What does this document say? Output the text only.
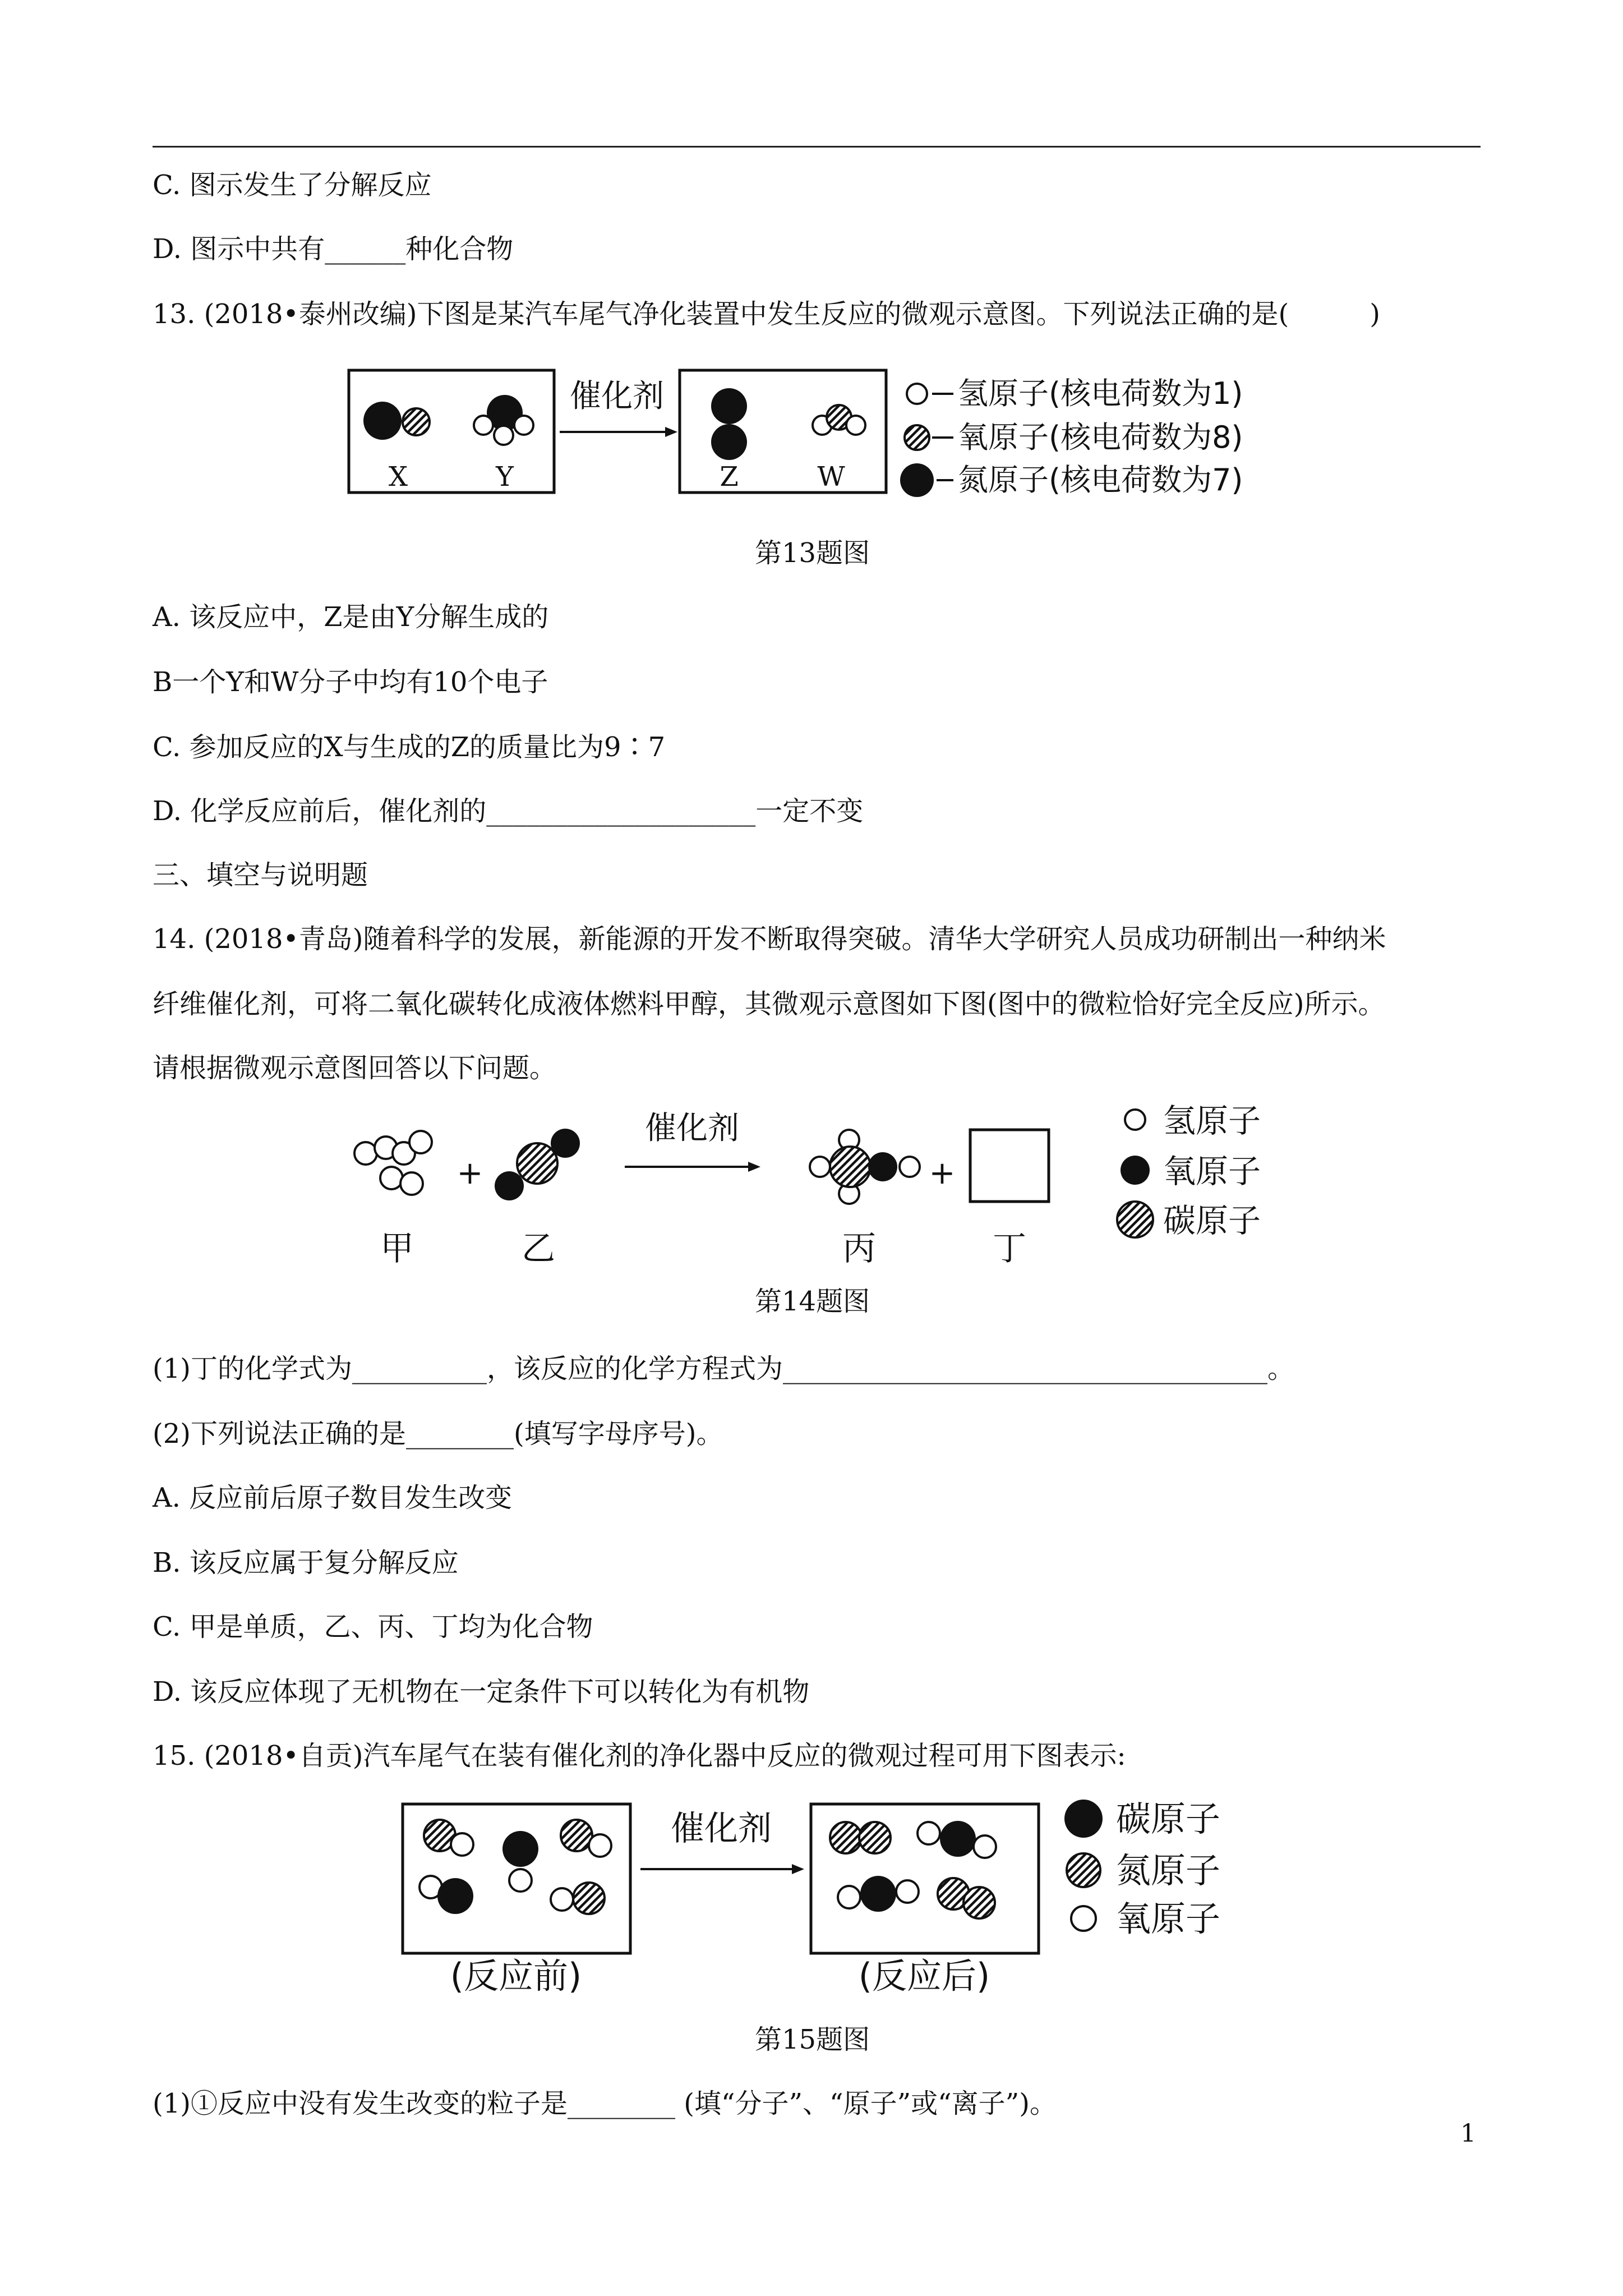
C. 图示发生了分解反应
D. 图示中共有______种化合物
13. (2018•泰州改编)下图是某汽车尾气净化装置中发生反应的微观示意图。下列说法正确的是(　　　)
X	Y
催化剂
Z	W
氢原子(核电荷数为1)
氧原子(核电荷数为8)
氮原子(核电荷数为7)
第13题图
A. 该反应中，Z是由Y分解生成的
B一个Y和W分子中均有10个电子
C. 参加反应的X与生成的Z的质量比为9∶7
D. 化学反应前后，催化剂的____________________一定不变
三、填空与说明题
14. (2018•青岛)随着科学的发展，新能源的开发不断取得突破。清华大学研究人员成功研制出一种纳米
纤维催化剂，可将二氧化碳转化成液体燃料甲醇，其微观示意图如下图(图中的微粒恰好完全反应)所示。
请根据微观示意图回答以下问题。
+
催化剂
+
甲	乙	丙	丁
氢原子
氧原子
碳原子
第14题图
(1)丁的化学式为__________，该反应的化学方程式为____________________________________。
(2)下列说法正确的是________(填写字母序号)。
A. 反应前后原子数目发生改变
B. 该反应属于复分解反应
C. 甲是单质，乙、丙、丁均为化合物
D. 该反应体现了无机物在一定条件下可以转化为有机物
15. (2018•自贡)汽车尾气在装有催化剂的净化器中反应的微观过程可用下图表示:
催化剂
(反应前)	(反应后)
碳原子
氮原子
氧原子
第15题图
(1)①反应中没有发生改变的粒子是________ (填“分子”、“原子”或“离子”)。
1
